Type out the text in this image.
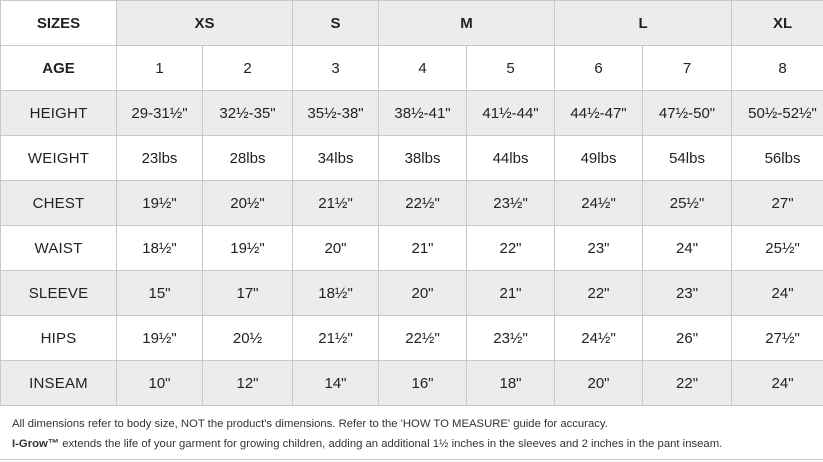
SIZES	XS		S	M		L		XL
AGE	1	2	3	4	5	6	7	8
HEIGHT	29-31½"	32½-35"	35½-38"	38½-41"	41½-44"	44½-47"	47½-50"	50½-52½"
WEIGHT	23lbs	28lbs	34lbs	38lbs	44lbs	49lbs	54lbs	56lbs
CHEST	19½"	20½"	21½"	22½"	23½"	24½"	25½"	27"
WAIST	18½"	19½"	20"	21"	22"	23"	24"	25½"
SLEEVE	15"	17"	18½"	20"	21"	22"	23"	24"
HIPS	19½"	20½	21½"	22½"	23½"	24½"	26"	27½"
INSEAM	10"	12"	14"	16"	18"	20"	22"	24"
All dimensions refer to body size, NOT the product's dimensions. Refer to the 'HOW TO MEASURE' guide for accuracy.
I-Grow™ extends the life of your garment for growing children, adding an additional 1½ inches in the sleeves and 2 inches in the pant inseam.
